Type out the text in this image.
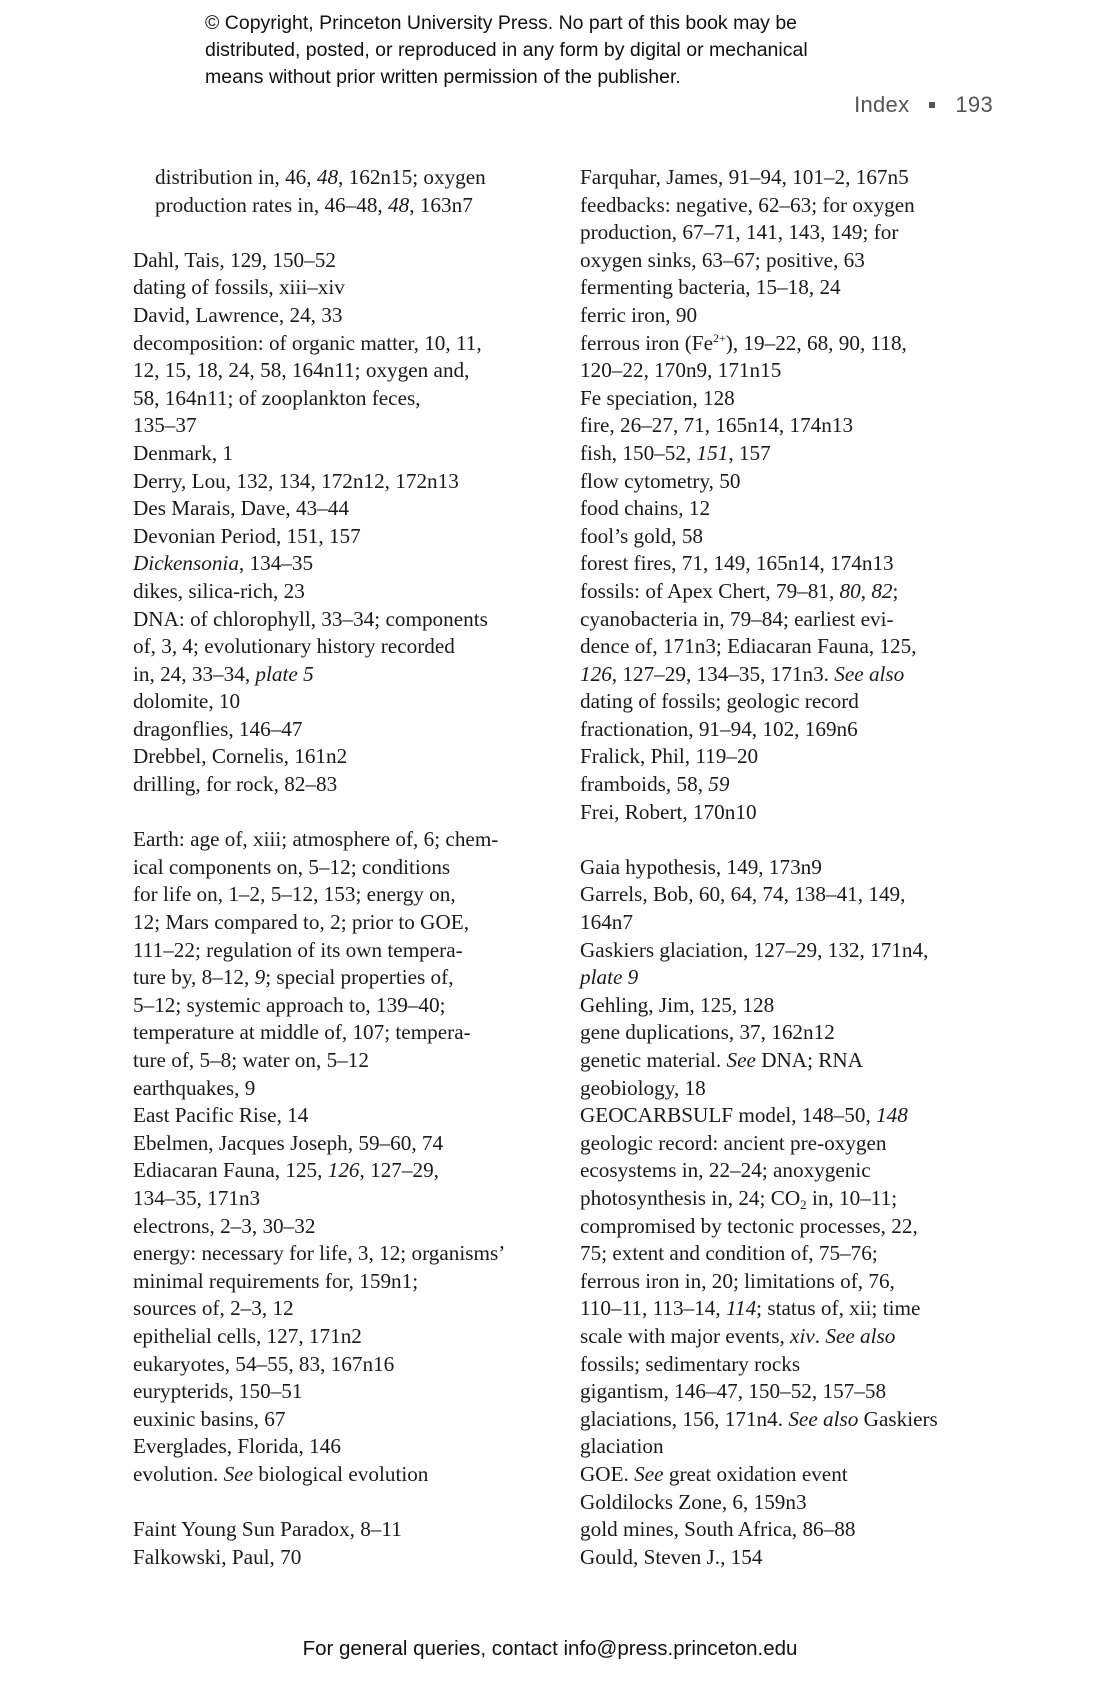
© Copyright, Princeton University Press. No part of this book may be
distributed, posted, or reproduced in any form by digital or mechanical
means without prior written permission of the publisher.
Index 193
distribution in, 46, 48, 162n15; oxygen
production rates in, 46–48, 48, 163n7
Dahl, Tais, 129, 150–52
dating of fossils, xiii–xiv
David, Lawrence, 24, 33
decomposition: of organic matter, 10, 11,
12, 15, 18, 24, 58, 164n11; oxygen and,
58, 164n11; of zooplankton feces,
135–37
Denmark, 1
Derry, Lou, 132, 134, 172n12, 172n13
Des Marais, Dave, 43–44
Devonian Period, 151, 157
Dickensonia, 134–35
dikes, silica-rich, 23
DNA: of chlorophyll, 33–34; components
of, 3, 4; evolutionary history recorded
in, 24, 33–34, plate 5
dolomite, 10
dragonflies, 146–47
Drebbel, Cornelis, 161n2
drilling, for rock, 82–83
Earth: age of, xiii; atmosphere of, 6; chem-
ical components on, 5–12; conditions
for life on, 1–2, 5–12, 153; energy on,
12; Mars compared to, 2; prior to GOE,
111–22; regulation of its own tempera-
ture by, 8–12, 9; special properties of,
5–12; systemic approach to, 139–40;
temperature at middle of, 107; tempera-
ture of, 5–8; water on, 5–12
earthquakes, 9
East Pacific Rise, 14
Ebelmen, Jacques Joseph, 59–60, 74
Ediacaran Fauna, 125, 126, 127–29,
134–35, 171n3
electrons, 2–3, 30–32
energy: necessary for life, 3, 12; organisms’
minimal requirements for, 159n1;
sources of, 2–3, 12
epithelial cells, 127, 171n2
eukaryotes, 54–55, 83, 167n16
eurypterids, 150–51
euxinic basins, 67
Everglades, Florida, 146
evolution. See biological evolution
Faint Young Sun Paradox, 8–11
Falkowski, Paul, 70
Farquhar, James, 91–94, 101–2, 167n5
feedbacks: negative, 62–63; for oxygen
production, 67–71, 141, 143, 149; for
oxygen sinks, 63–67; positive, 63
fermenting bacteria, 15–18, 24
ferric iron, 90
ferrous iron $(Fe^{2+})$, 19–22, 68, 90, 118,
120–22, 170n9, 171n15
Fe speciation, 128
fire, 26–27, 71, 165n14, 174n13
fish, 150–52, 151, 157
flow cytometry, 50
food chains, 12
fool’s gold, 58
forest fires, 71, 149, 165n14, 174n13
fossils: of Apex Chert, 79–81, 80, 82;
cyanobacteria in, 79–84; earliest evi-
dence of, 171n3; Ediacaran Fauna, 125,
126, 127–29, 134–35, 171n3. See also
dating of fossils; geologic record
fractionation, 91–94, 102, 169n6
Fralick, Phil, 119–20
framboids, 58, 59
Frei, Robert, 170n10
Gaia hypothesis, 149, 173n9
Garrels, Bob, 60, 64, 74, 138–41, 149,
164n7
Gaskiers glaciation, 127–29, 132, 171n4,
plate 9
Gehling, Jim, 125, 128
gene duplications, 37, 162n12
genetic material. See DNA; RNA
geobiology, 18
GEOCARBSULF model, 148–50, 148
geologic record: ancient pre-oxygen
ecosystems in, 22–24; anoxygenic
photosynthesis in, 24; $CO_2$ in, 10–11;
compromised by tectonic processes, 22,
75; extent and condition of, 75–76;
ferrous iron in, 20; limitations of, 76,
110–11, 113–14, 114; status of, xii; time
scale with major events, xiv. See also
fossils; sedimentary rocks
gigantism, 146–47, 150–52, 157–58
glaciations, 156, 171n4. See also Gaskiers
glaciation
GOE. See great oxidation event
Goldilocks Zone, 6, 159n3
gold mines, South Africa, 86–88
Gould, Steven J., 154
For general queries, contact info@press.princeton.edu
